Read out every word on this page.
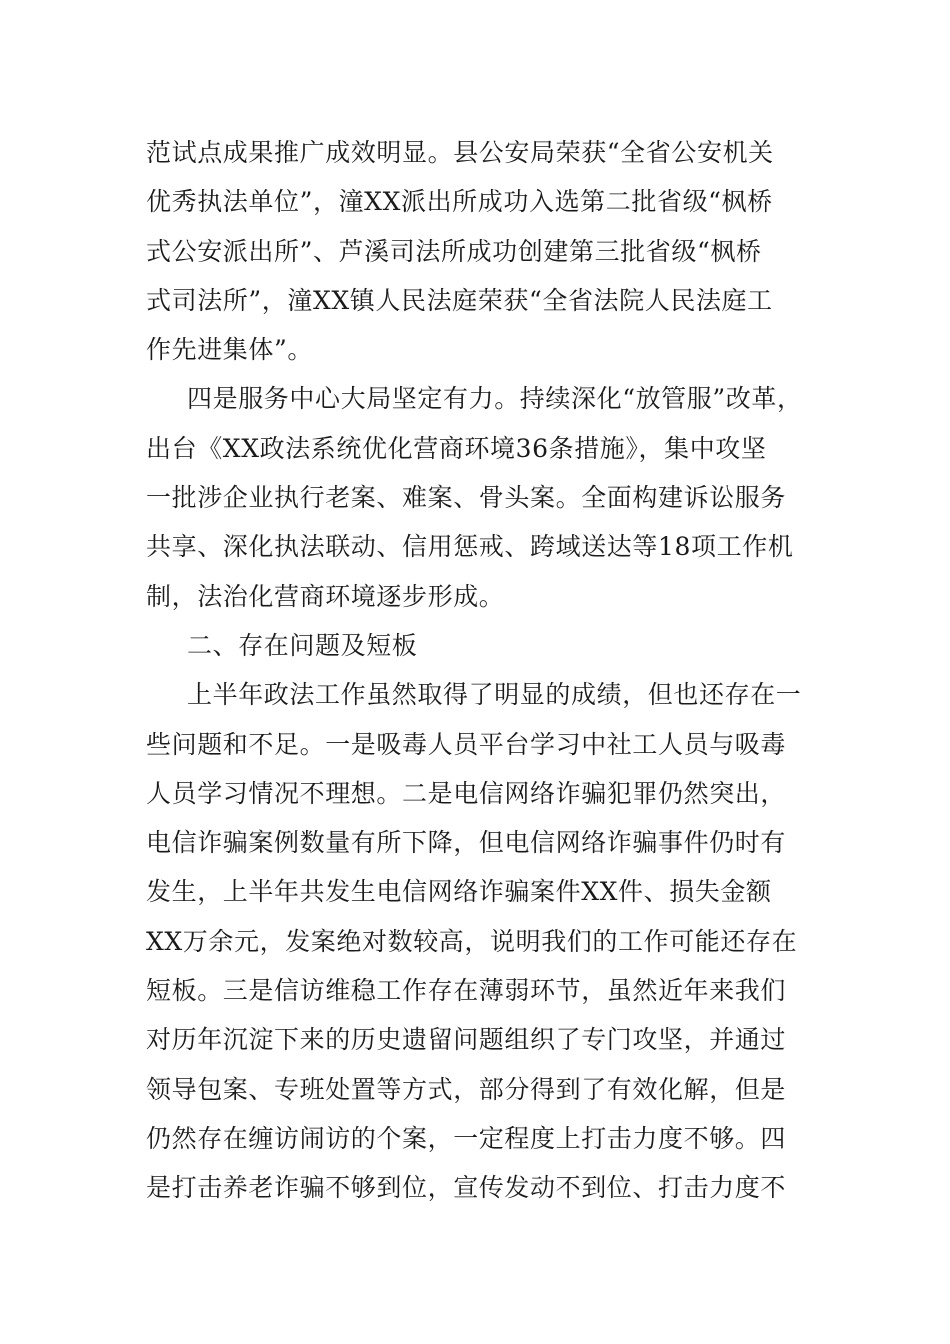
范试点成果推广成效明显。县公安局荣获“全省公安机关
优秀执法单位”，潼XX派出所成功入选第二批省级“枫桥
式公安派出所”、芦溪司法所成功创建第三批省级“枫桥
式司法所”，潼XX镇人民法庭荣获“全省法院人民法庭工
作先进集体”。
四是服务中心大局坚定有力。持续深化“放管服”改革，
出台《XX政法系统优化营商环境36条措施》，集中攻坚
一批涉企业执行老案、难案、骨头案。全面构建诉讼服务
共享、深化执法联动、信用惩戒、跨域送达等18项工作机
制，法治化营商环境逐步形成。
二、存在问题及短板
上半年政法工作虽然取得了明显的成绩，但也还存在一
些问题和不足。一是吸毒人员平台学习中社工人员与吸毒
人员学习情况不理想。二是电信网络诈骗犯罪仍然突出，
电信诈骗案例数量有所下降，但电信网络诈骗事件仍时有
发生，上半年共发生电信网络诈骗案件XX件、损失金额
XX万余元，发案绝对数较高，说明我们的工作可能还存在
短板。三是信访维稳工作存在薄弱环节，虽然近年来我们
对历年沉淀下来的历史遗留问题组织了专门攻坚，并通过
领导包案、专班处置等方式，部分得到了有效化解，但是
仍然存在缠访闹访的个案，一定程度上打击力度不够。四
是打击养老诈骗不够到位，宣传发动不到位、打击力度不
